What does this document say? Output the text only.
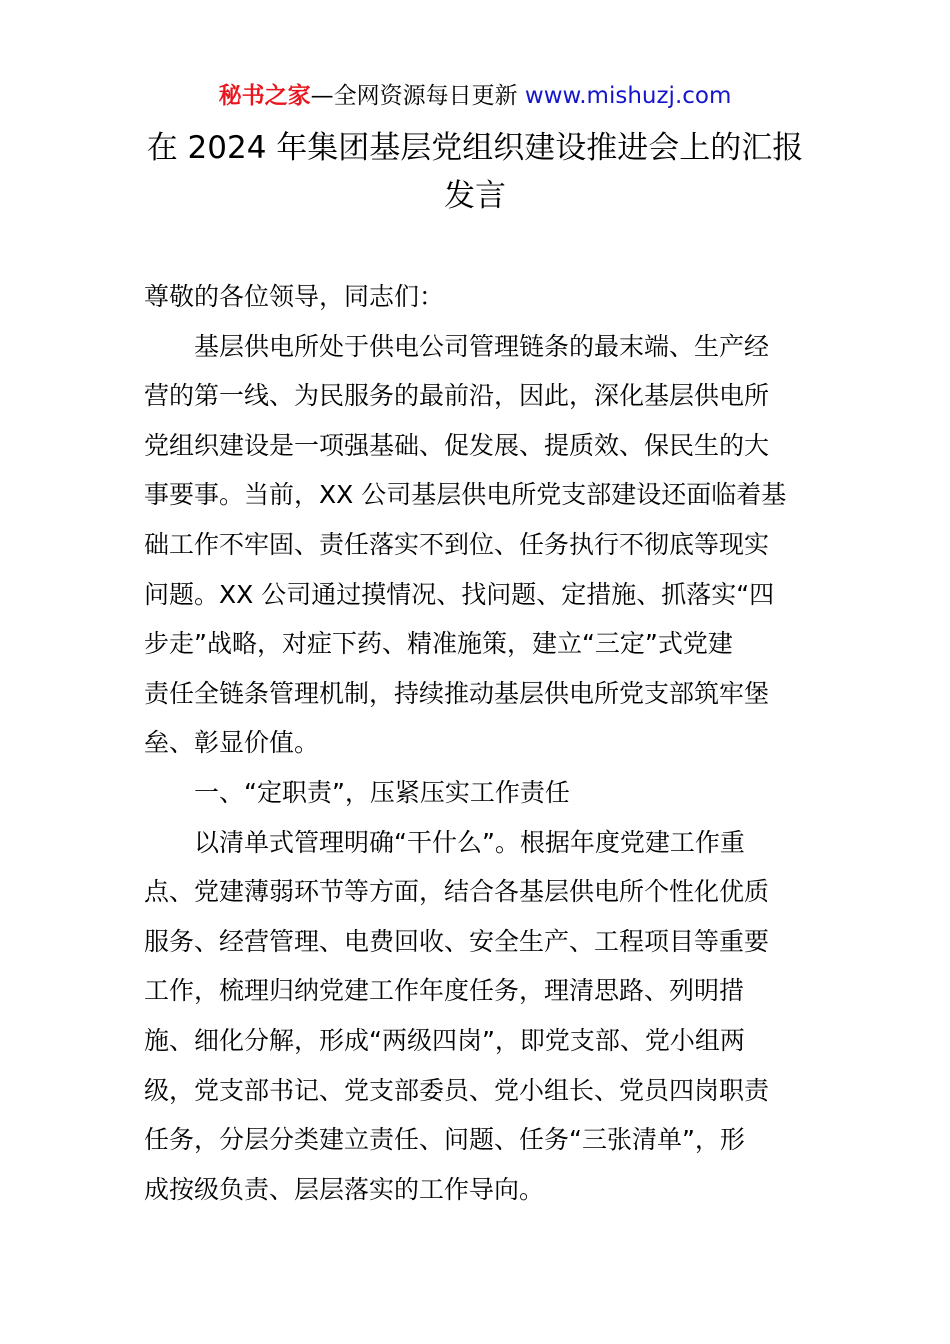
秘书之家—全网资源每日更新 www.mishuzj.com
在 2024 年集团基层党组织建设推进会上的汇报
发言
尊敬的各位领导，同志们：
基层供电所处于供电公司管理链条的最末端、生产经
营的第一线、为民服务的最前沿，因此，深化基层供电所
党组织建设是一项强基础、促发展、提质效、保民生的大
事要事。当前，XX 公司基层供电所党支部建设还面临着基
础工作不牢固、责任落实不到位、任务执行不彻底等现实
问题。XX 公司通过摸情况、找问题、定措施、抓落实“四
步走”战略，对症下药、精准施策，建立“三定”式党建
责任全链条管理机制，持续推动基层供电所党支部筑牢堡
垒、彰显价值。
一、“定职责”，压紧压实工作责任
以清单式管理明确“干什么”。根据年度党建工作重
点、党建薄弱环节等方面，结合各基层供电所个性化优质
服务、经营管理、电费回收、安全生产、工程项目等重要
工作，梳理归纳党建工作年度任务，理清思路、列明措
施、细化分解，形成“两级四岗”，即党支部、党小组两
级，党支部书记、党支部委员、党小组长、党员四岗职责
任务，分层分类建立责任、问题、任务“三张清单”，形
成按级负责、层层落实的工作导向。
